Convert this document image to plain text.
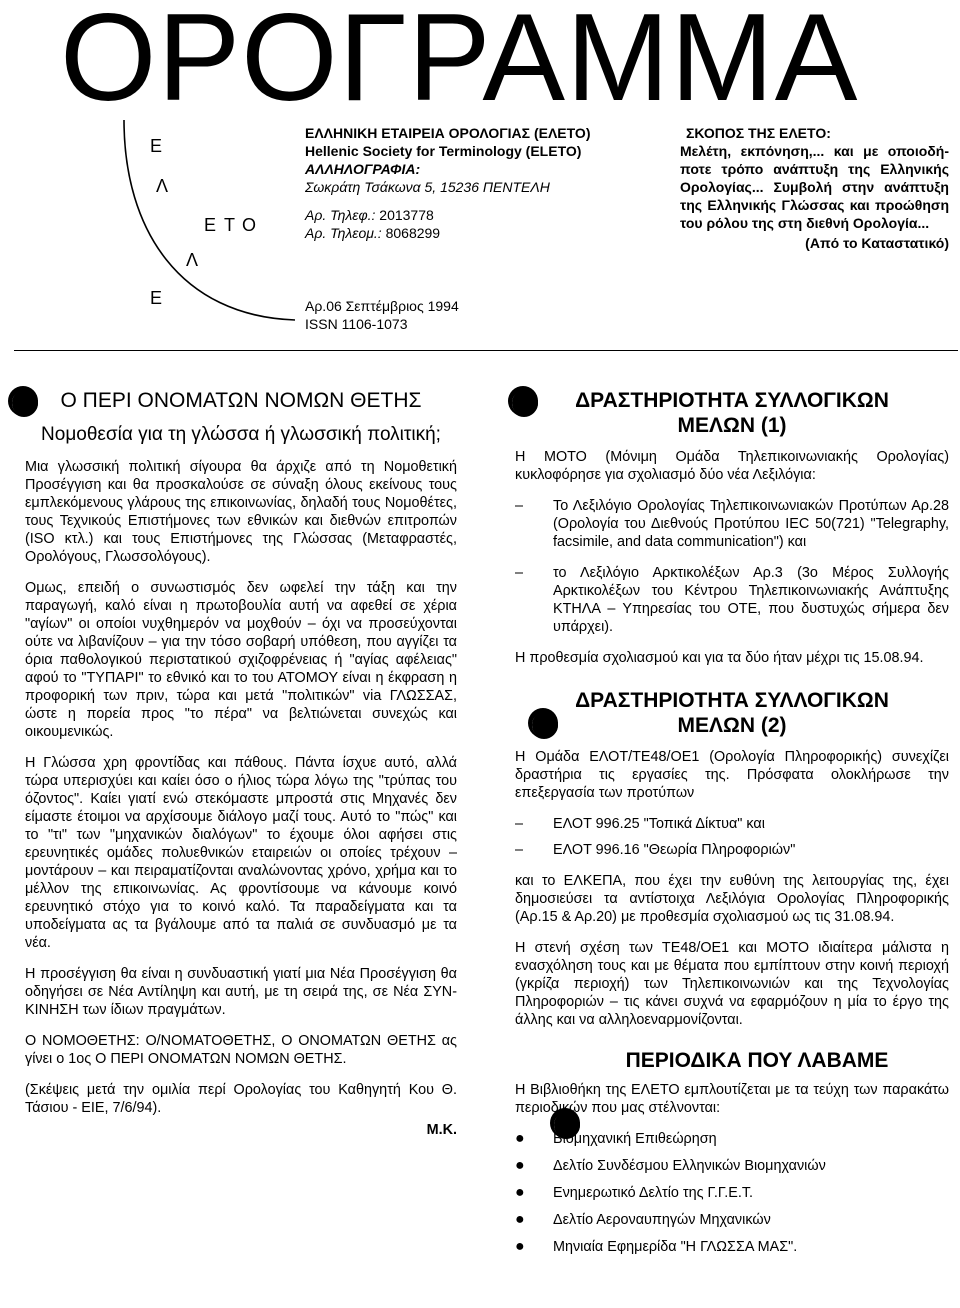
ΟΡΟΓΡΑΜΜΑ
Ε
Λ
Ε Τ Ο
Λ
Ε
ΕΛΛΗΝΙΚΗ ΕΤΑΙΡΕΙΑ ΟΡΟΛΟΓΙΑΣ (ΕΛΕΤΟ)
Hellenic Society for Terminology (ELETO)
ΑΛΛΗΛΟΓΡΑΦΙΑ:
Σωκράτη Τσάκωνα 5, 15236 ΠΕΝΤΕΛΗ
Αρ. Τηλεφ.: 2013778
Αρ. Τηλεομ.: 8068299
Αρ.06 Σεπτέμβριος 1994
ISSN 1106-1073
ΣΚΟΠΟΣ ΤΗΣ ΕΛΕΤΟ:
Μελέτη, εκπόνηση,... και με οποιοδή-ποτε τρόπο ανάπτυξη της Ελληνικής Ορολογίας... Συμβολή στην ανάπτυξη της Ελληνικής Γλώσσας και προώθηση του ρόλου της στη διεθνή Ορολογία...
(Από το Καταστατικό)
Ο ΠΕΡΙ ΟΝΟΜΑΤΩΝ ΝΟΜΩΝ ΘΕΤΗΣ
Νομοθεσία για τη γλώσσα ή γλωσσική πολιτική;

Μια γλωσσική πολιτική σίγουρα θα άρχιζε από τη Νομοθετική Προσέγγιση και θα προσκαλούσε σε σύναξη όλους εκείνους τους εμπλεκόμενους γλάρους της επικοινωνίας, δηλαδή τους Νομοθέτες, τους Τεχνικούς Επιστήμονες των εθνικών και διεθνών επιτροπών (ISO κτλ.) και τους Επιστήμονες της Γλώσσας (Μεταφραστές, Ορολόγους, Γλωσσολόγους).

Ομως, επειδή ο συνωστισμός δεν ωφελεί την τάξη και την παραγωγή, καλό είναι η πρωτοβουλία αυτή να αφεθεί σε χέρια "αγίων" οι οποίοι νυχθημερόν να μοχθούν – όχι να προσεύχονται ούτε να λιβανίζουν – για την τόσο σοβαρή υπόθεση, που αγγίζει τα όρια παθολογικού περιστατικού σχιζοφρένειας ή "αγίας αφέλειας" αφού το "ΤΥΠΑΡΙ" το εθνικό και το του ΑΤΟΜΟΥ είναι η έκφραση η προφορική των πριν, τώρα και μετά "πολιτικών" via ΓΛΩΣΣΑΣ, ώστε η πορεία προς "το πέρα" να βελτιώνεται συνεχώς και οικουμενικώς.

Η Γλώσσα χρη φροντίδας και πάθους. Πάντα ίσχυε αυτό, αλλά τώρα υπερισχύει και καίει όσο ο ήλιος τώρα λόγω της "τρύπας του όζοντος". Καίει γιατί ενώ στεκόμαστε μπροστά στις Μηχανές δεν είμαστε έτοιμοι να αρχίσουμε διάλογο μαζί τους. Αυτό το "πώς" και το "τι" των "μηχανικών διαλόγων" το έχουμε όλοι αφήσει στις ερευνητικές ομάδες πολυεθνικών εταιρειών οι οποίες τρέχουν – μοντάρουν – και πειραματίζονται αναλώνοντας χρόνο, χρήμα και το μέλλον της επικοινωνίας. Ας φροντίσουμε να κάνουμε κοινό ερευνητικό στόχο για το κοινό καλό. Τα παραδείγματα και τα υποδείγματα ας τα βγάλουμε από τα παλιά σε συνδυασμό με τα νέα.

Η προσέγγιση θα είναι η συνδυαστική γιατί μια Νέα Προσέγγιση θα οδηγήσει σε Νέα Αντίληψη και αυτή, με τη σειρά της, σε Νέα ΣΥΝ-ΚΙΝΗΣΗ των ίδιων πραγμάτων.

Ο ΝΟΜΟΘΕΤΗΣ: Ο/ΝΟΜΑΤΟΘΕΤΗΣ, Ο ΟΝΟΜΑΤΩΝ ΘΕΤΗΣ ας γίνει ο 1ος Ο ΠΕΡΙ ΟΝΟΜΑΤΩΝ ΝΟΜΩΝ ΘΕΤΗΣ.

(Σκέψεις μετά την ομιλία περί Ορολογίας του Καθηγητή Κου Θ. Τάσιου - ΕΙΕ, 7/6/94).

Μ.Κ.

ΔΡΑΣΤΗΡΙΟΤΗΤΑ ΣΥΛΛΟΓΙΚΩΝ ΜΕΛΩΝ (1)

Η ΜΟΤΟ (Μόνιμη Ομάδα Τηλεπικοινωνιακής Ορολογίας) κυκλοφόρησε για σχολιασμό δύο νέα Λεξιλόγια:

–	Το Λεξιλόγιο Ορολογίας Τηλεπικοινωνιακών Προτύπων Αρ.28 (Ορολογία του Διεθνούς Προτύπου IEC 50(721) "Telegraphy, facsimile, and data communication") και
–	το Λεξιλόγιο Αρκτικολέξων Αρ.3 (3ο Μέρος Συλλογής Αρκτικολέξων του Κέντρου Τηλεπικοινωνιακής Ανάπτυξης ΚΤΗΛΑ – Υπηρεσίας του ΟΤΕ, που δυστυχώς σήμερα δεν υπάρχει).

Η προθεσμία σχολιασμού και για τα δύο ήταν μέχρι τις 15.08.94.

ΔΡΑΣΤΗΡΙΟΤΗΤΑ ΣΥΛΛΟΓΙΚΩΝ ΜΕΛΩΝ (2)

Η Ομάδα ΕΛΟΤ/ΤΕ48/ΟΕ1 (Ορολογία Πληροφορικής) συνεχίζει δραστήρια τις εργασίες της. Πρόσφατα ολοκλήρωσε την επεξεργασία των προτύπων

–	ΕΛΟΤ 996.25 "Τοπικά Δίκτυα" και
–	ΕΛΟΤ 996.16 "Θεωρία Πληροφοριών"

και το ΕΛΚΕΠΑ, που έχει την ευθύνη της λειτουργίας της, έχει δημοσιεύσει τα αντίστοιχα Λεξιλόγια Ορολογίας Πληροφορικής (Αρ.15 & Αρ.20) με προθεσμία σχολιασμού ως τις 31.08.94.

Η στενή σχέση των ΤΕ48/ΟΕ1 και ΜΟΤΟ ιδιαίτερα μάλιστα η ενασχόληση τους και με θέματα που εμπίπτουν στην κοινή περιοχή (γκρίζα περιοχή) των Τηλεπικοινωνιών και της Τεχνολογίας Πληροφοριών – τις κάνει συχνά να εφαρμόζουν η μία το έργο της άλλης και να αλληλοεναρμονίζονται.

ΠΕΡΙΟΔΙΚΑ ΠΟΥ ΛΑΒΑΜΕ

Η Βιβλιοθήκη της ΕΛΕΤΟ εμπλουτίζεται με τα τεύχη των παρακάτω περιοδικών που μας στέλνονται:

●	Βιομηχανική Επιθεώρηση
●	Δελτίο Συνδέσμου Ελληνικών Βιομηχανιών
●	Ενημερωτικό Δελτίο της Γ.Γ.Ε.Τ.
●	Δελτίο Αεροναυπηγών Μηχανικών
●	Μηνιαία Εφημερίδα "Η ΓΛΩΣΣΑ ΜΑΣ".
